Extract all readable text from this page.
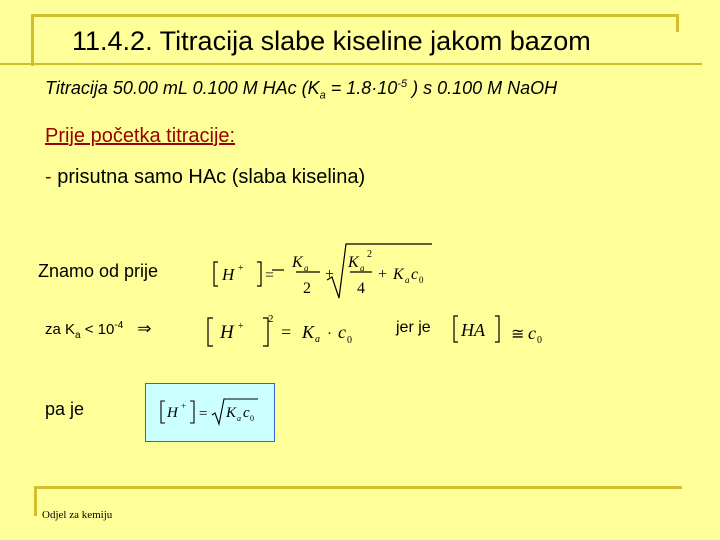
11.4.2. Titracija slabe kiseline jakom bazom
Titracija 50.00 mL 0.100 M HAc ($K_a = 1.8\cdot 10^{-5}$ ) s 0.100 M NaOH
Prije početka titracije:
- prisutna samo HAc (slaba kiselina)
Znamo od prije	H + =
K a
2
+
K a
2
4
+ K a c 0
za $K_a < 10^{-4}$ ⇒	H +
2
= K a · c 0
jer je HA ≅ c 0
pa je	H + = K a c 0
Odjel za kemiju
